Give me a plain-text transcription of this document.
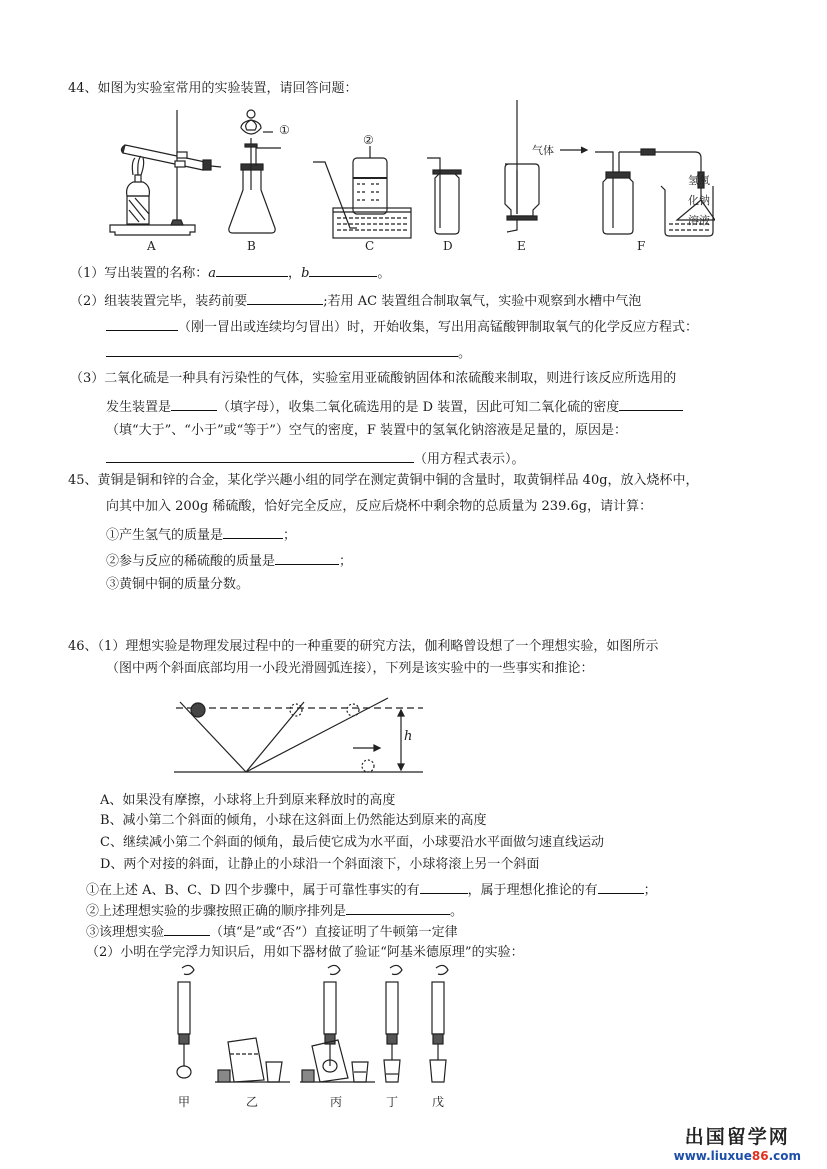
44、如图为实验室常用的实验装置，请回答问题：
A	B	C	D	E	F
①
②
气体
氢氧
化钠
溶液
（1）写出装置的名称：a	，b	。
（2）组装装置完毕，装药前要	;若用 AC 装置组合制取氧气，实验中观察到水槽中气泡
（刚一冒出或连续均匀冒出）时，开始收集，写出用高锰酸钾制取氧气的化学反应方程式：
。
（3）二氧化硫是一种具有污染性的气体，实验室用亚硫酸钠固体和浓硫酸来制取，则进行该反应所选用的
发生装置是	（填字母），收集二氧化硫选用的是 D 装置，因此可知二氧化硫的密度
（填“大于”、“小于”或“等于”）空气的密度，F 装置中的氢氧化钠溶液是足量的，原因是：
（用方程式表示）。
45、黄铜是铜和锌的合金，某化学兴趣小组的同学在测定黄铜中铜的含量时，取黄铜样品 40g，放入烧杯中，
向其中加入 200g 稀硫酸，恰好完全反应，反应后烧杯中剩余物的总质量为 239.6g，请计算：
①产生氢气的质量是	；
②参与反应的稀硫酸的质量是	；
③黄铜中铜的质量分数。
46、（1）理想实验是物理发展过程中的一种重要的研究方法，伽利略曾设想了一个理想实验，如图所示
（图中两个斜面底部均用一小段光滑圆弧连接），下列是该实验中的一些事实和推论：
h
A、如果没有摩擦，小球将上升到原来释放时的高度
B、减小第二个斜面的倾角，小球在这斜面上仍然能达到原来的高度
C、继续减小第二个斜面的倾角，最后使它成为水平面，小球要沿水平面做匀速直线运动
D、两个对接的斜面，让静止的小球沿一个斜面滚下，小球将滚上另一个斜面
①在上述 A、B、C、D 四个步骤中，属于可靠性事实的有	，属于理想化推论的有	；
②上述理想实验的步骤按照正确的顺序排列是	。
③该理想实验	（填“是”或“否”）直接证明了牛顿第一定律
（2）小明在学完浮力知识后，用如下器材做了验证“阿基米德原理”的实验：
甲	乙	丙	丁	戊
出国留学网
www.liuxue86.com
